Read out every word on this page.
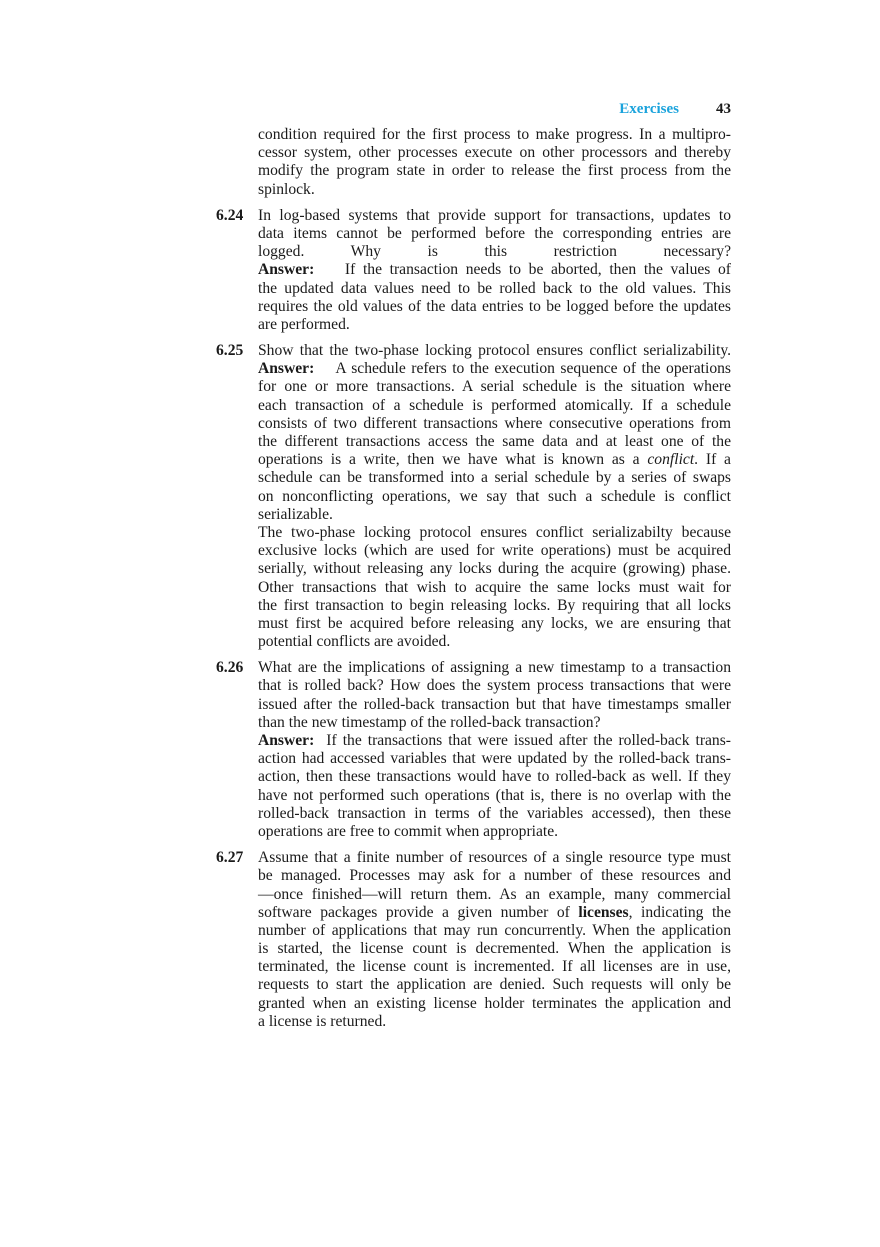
Exercises 43
condition required for the first process to make progress. In a multipro-
cessor system, other processes execute on other processors and thereby
modify the program state in order to release the first process from the
spinlock.
6.24 In log-based systems that provide support for transactions, updates to
data items cannot be performed before the corresponding entries are
logged. Why is this restriction necessary?
Answer:    If the transaction needs to be aborted, then the values of
the updated data values need to be rolled back to the old values. This
requires the old values of the data entries to be logged before the updates
are performed.
6.25 Show that the two-phase locking protocol ensures conflict serializability.
Answer:    A schedule refers to the execution sequence of the operations
for one or more transactions. A serial schedule is the situation where
each transaction of a schedule is performed atomically. If a schedule
consists of two different transactions where consecutive operations from
the different transactions access the same data and at least one of the
operations is a write, then we have what is known as a conflict. If a
schedule can be transformed into a serial schedule by a series of swaps
on nonconflicting operations, we say that such a schedule is conflict
serializable.
The two-phase locking protocol ensures conflict serializabilty because
exclusive locks (which are used for write operations) must be acquired
serially, without releasing any locks during the acquire (growing) phase.
Other transactions that wish to acquire the same locks must wait for
the first transaction to begin releasing locks. By requiring that all locks
must first be acquired before releasing any locks, we are ensuring that
potential conflicts are avoided.
6.26 What are the implications of assigning a new timestamp to a transaction
that is rolled back? How does the system process transactions that were
issued after the rolled-back transaction but that have timestamps smaller
than the new timestamp of the rolled-back transaction?
Answer:  If the transactions that were issued after the rolled-back trans-
action had accessed variables that were updated by the rolled-back trans-
action, then these transactions would have to rolled-back as well. If they
have not performed such operations (that is, there is no overlap with the
rolled-back transaction in terms of the variables accessed), then these
operations are free to commit when appropriate.
6.27 Assume that a finite number of resources of a single resource type must
be managed. Processes may ask for a number of these resources and
—once finished—will return them. As an example, many commercial
software packages provide a given number of licenses, indicating the
number of applications that may run concurrently. When the application
is started, the license count is decremented. When the application is
terminated, the license count is incremented. If all licenses are in use,
requests to start the application are denied. Such requests will only be
granted when an existing license holder terminates the application and
a license is returned.
